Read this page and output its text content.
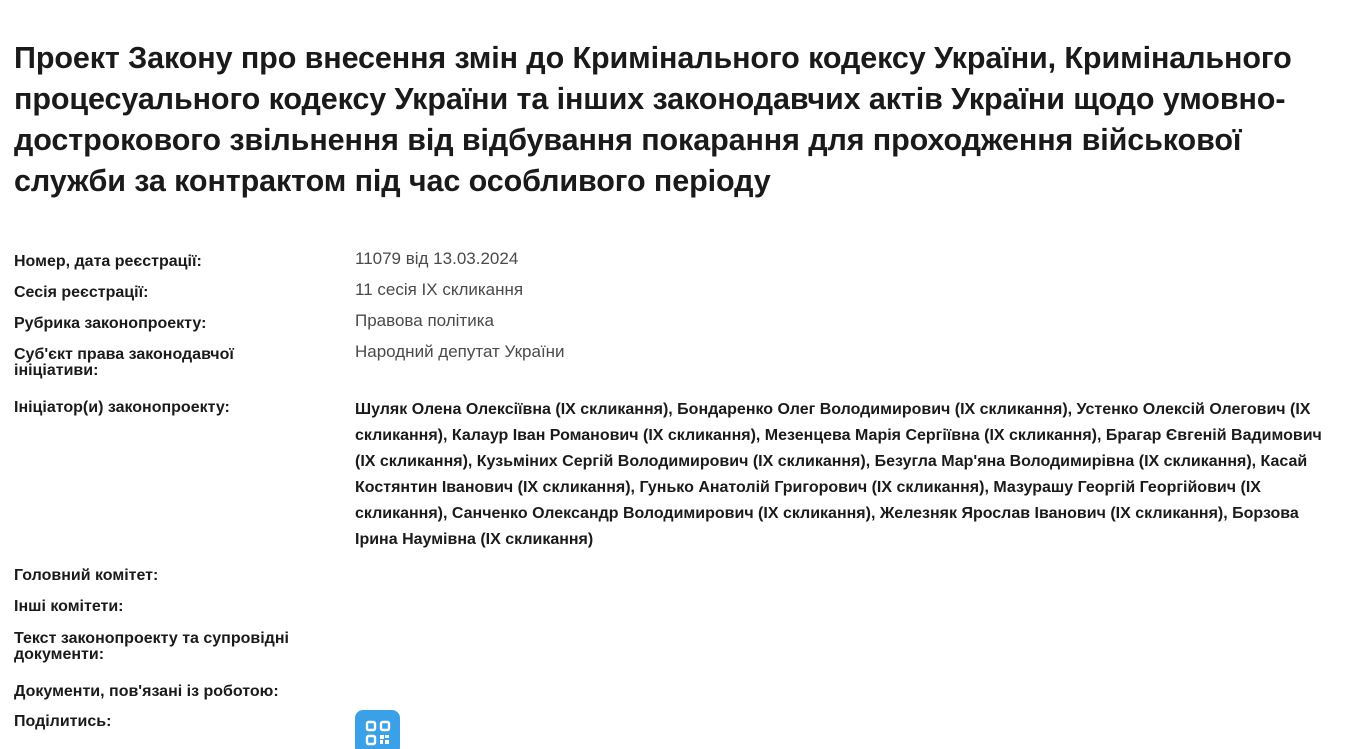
Проект Закону про внесення змін до Кримінального кодексу України, Кримінального процесуального кодексу України та інших законодавчих актів України щодо умовно-дострокового звільнення від відбування покарання для проходження військової служби за контрактом під час особливого періоду
Номер, дата реєстрації:	11079 від 13.03.2024
Сесія реєстрації:	11 сесія IX скликання
Рубрика законопроекту:	Правова політика
Суб'єкт права законодавчої ініціативи:
Народний депутат України
Ініціатор(и) законопроекту:	Шуляк Олена Олексіївна (IX скликання), Бондаренко Олег Володимирович (IX скликання), Устенко Олексій Олегович (IX скликання), Калаур Іван Романович (IX скликання), Мезенцева Марія Сергіївна (IX скликання), Брагар Євгеній Вадимович (IX скликання), Кузьміних Сергій Володимирович (IX скликання), Безугла Мар'яна Володимирівна (IX скликання), Касай Костянтин Іванович (IX скликання), Гунько Анатолій Григорович (IX скликання), Мазурашу Георгій Георгійович (IX скликання), Санченко Олександр Володимирович (IX скликання), Железняк Ярослав Іванович (IX скликання), Борзова Ірина Наумівна (IX скликання)
Головний комітет:
Інші комітети:
Текст законопроекту та супровідні документи:
Документи, пов'язані із роботою:
Поділитись:
